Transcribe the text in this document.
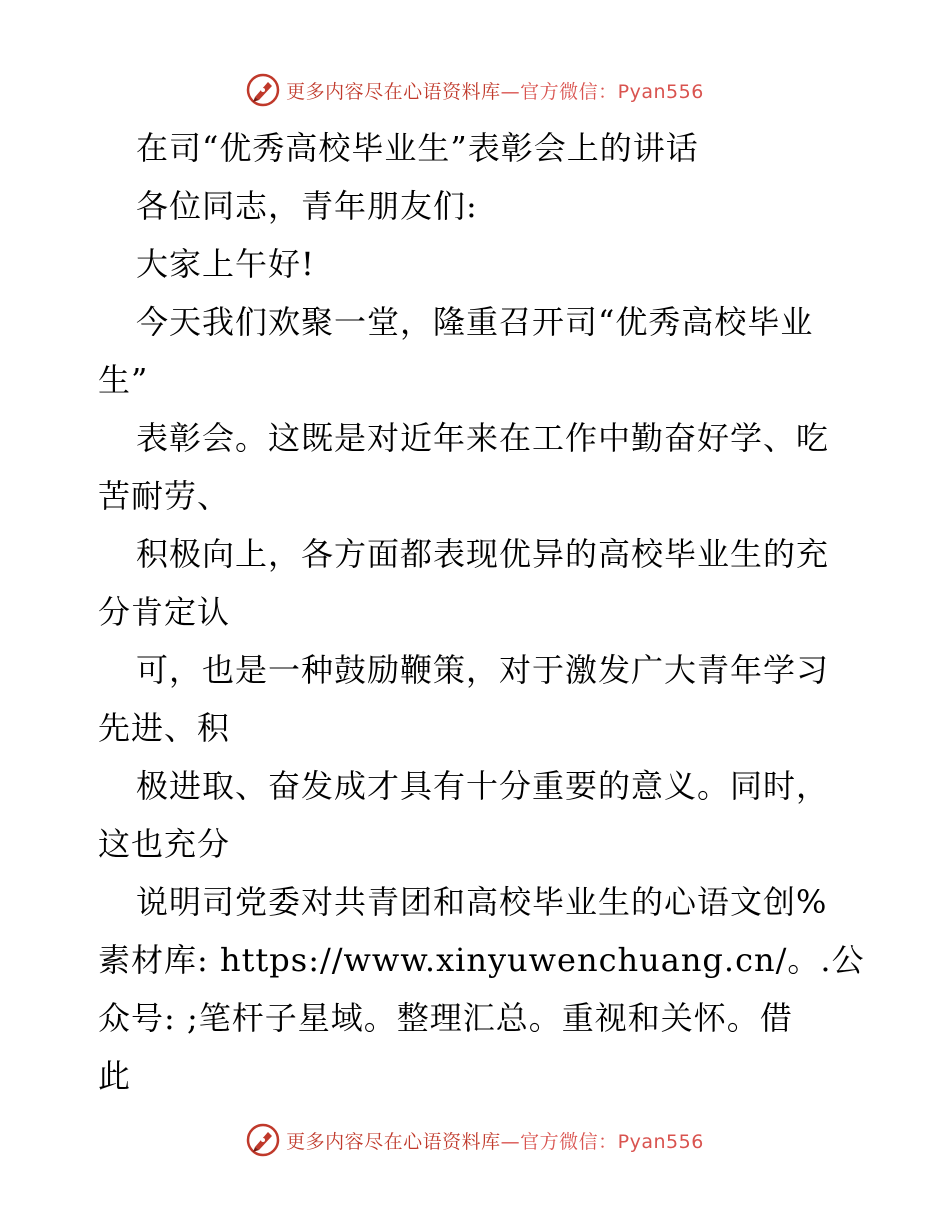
更多内容尽在心语资料库—官方微信：Pyan556
在司“优秀高校毕业生”表彰会上的讲话
各位同志，青年朋友们:
大家上午好!
今天我们欢聚一堂，隆重召开司“优秀高校毕业
生”
表彰会。这既是对近年来在工作中勤奋好学、吃
苦耐劳、
积极向上，各方面都表现优异的高校毕业生的充
分肯定认
可，也是一种鼓励鞭策，对于激发广大青年学习
先进、积
极进取、奋发成才具有十分重要的意义。同时，
这也充分
说明司党委对共青团和高校毕业生的心语文创%
素材库: https://www.xinyuwenchuang.cn/。.公
众号: ;笔杆子星域。整理汇总。重视和关怀。借
此
更多内容尽在心语资料库—官方微信：Pyan556
